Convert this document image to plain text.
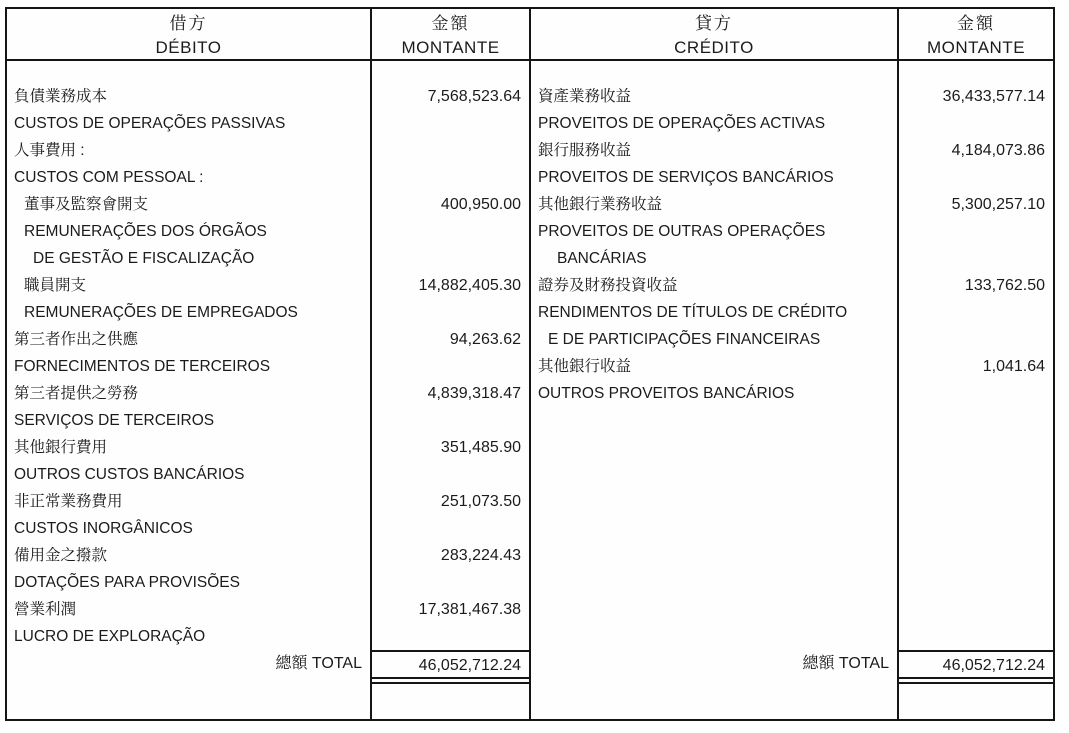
借方
DÉBITO
負債業務成本
CUSTOS DE OPERAÇÕES PASSIVAS
人事費用 :
CUSTOS COM PESSOAL :
董事及監察會開支
REMUNERAÇÕES DOS ÓRGÃOS
DE GESTÃO E FISCALIZAÇÃO
職員開支
REMUNERAÇÕES DE EMPREGADOS
第三者作出之供應
FORNECIMENTOS DE TERCEIROS
第三者提供之勞務
SERVIÇOS DE TERCEIROS
其他銀行費用
OUTROS CUSTOS BANCÁRIOS
非正常業務費用
CUSTOS INORGÂNICOS
備用金之撥款
DOTAÇÕES PARA PROVISÕES
營業利潤
LUCRO DE EXPLORAÇÃO
總額 TOTAL
金額
MONTANTE
7,568,523.64
400,950.00
14,882,405.30
94,263.62
4,839,318.47
351,485.90
251,073.50
283,224.43
17,381,467.38
46,052,712.24
貸方
CRÉDITO
資產業務收益
PROVEITOS DE OPERAÇÕES ACTIVAS
銀行服務收益
PROVEITOS DE SERVIÇOS BANCÁRIOS
其他銀行業務收益
PROVEITOS DE OUTRAS OPERAÇÕES
BANCÁRIAS
證券及財務投資收益
RENDIMENTOS DE TÍTULOS DE CRÉDITO
E DE PARTICIPAÇÕES FINANCEIRAS
其他銀行收益
OUTROS PROVEITOS BANCÁRIOS
總額 TOTAL
金額
MONTANTE
36,433,577.14
4,184,073.86
5,300,257.10
133,762.50
1,041.64
46,052,712.24
